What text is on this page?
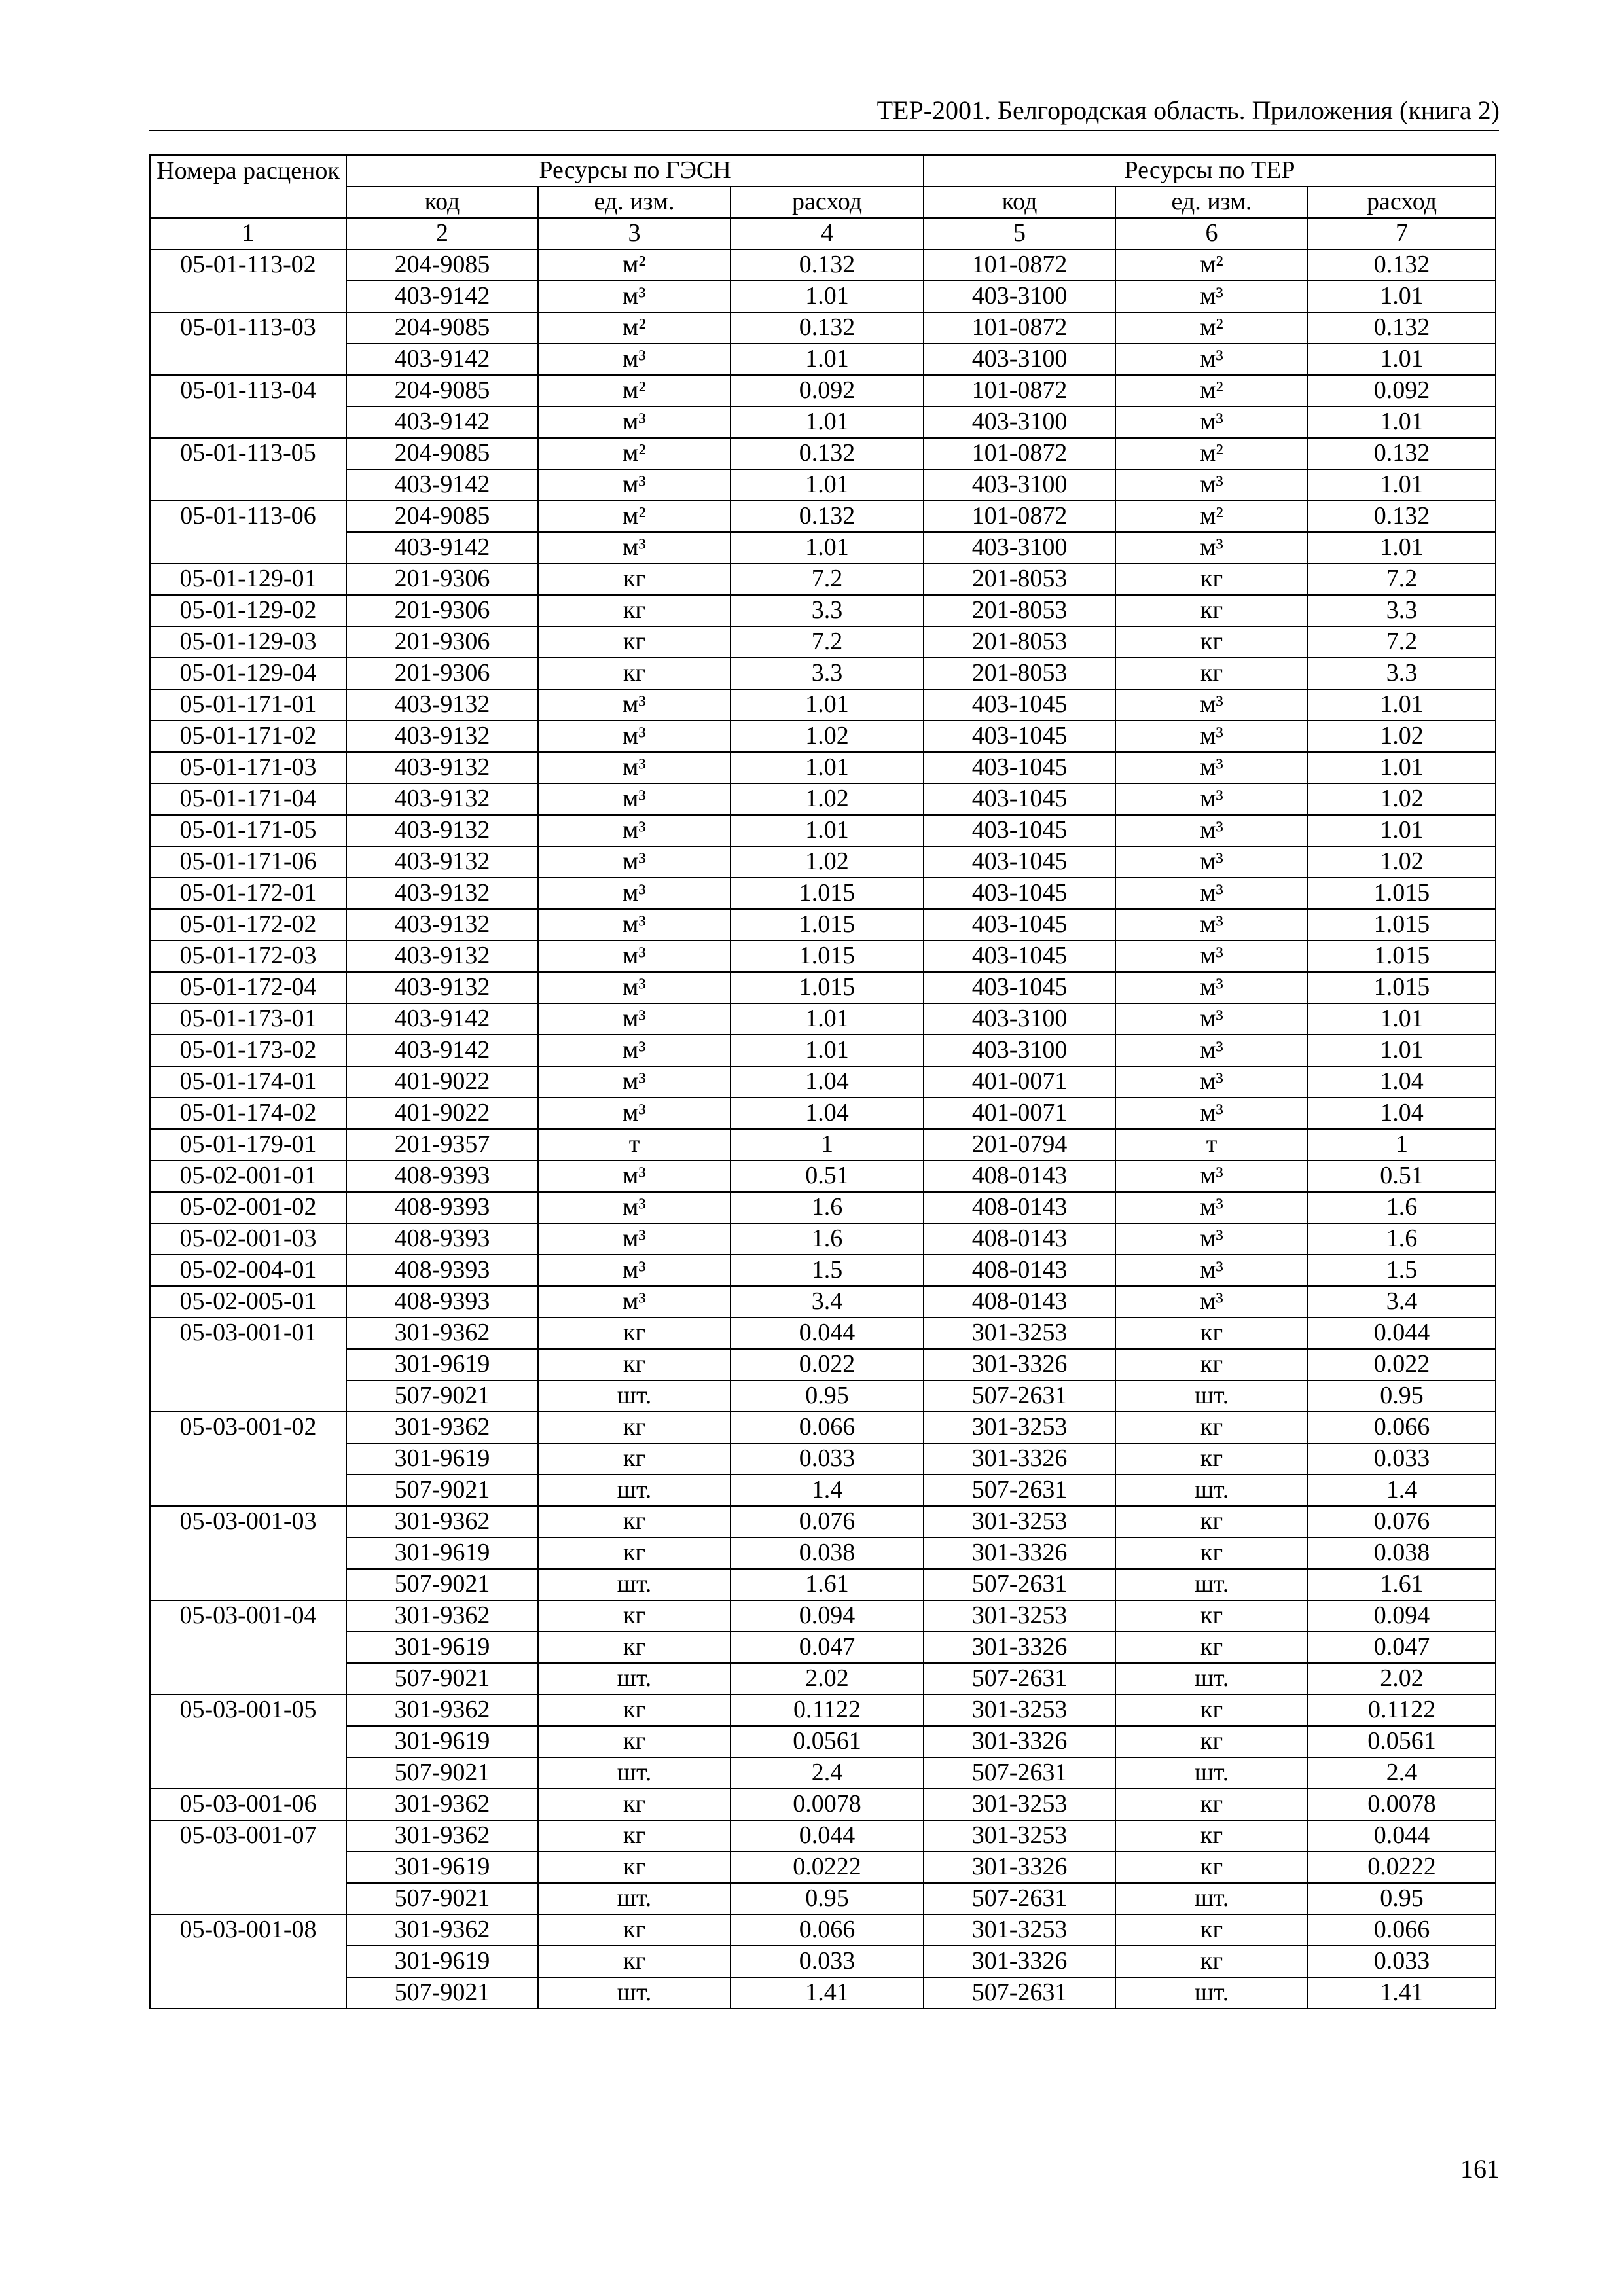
ТЕР-2001. Белгородская область. Приложения (книга 2)
Номера расценок	Ресурсы по ГЭСН			Ресурсы по ТЕР		
	код	ед. изм.	расход	код	ед. изм.	расход
1	2	3	4	5	6	7
05-01-113-02	204-9085	м²	0.132	101-0872	м²	0.132
	403-9142	м³	1.01	403-3100	м³	1.01
05-01-113-03	204-9085	м²	0.132	101-0872	м²	0.132
	403-9142	м³	1.01	403-3100	м³	1.01
05-01-113-04	204-9085	м²	0.092	101-0872	м²	0.092
	403-9142	м³	1.01	403-3100	м³	1.01
05-01-113-05	204-9085	м²	0.132	101-0872	м²	0.132
	403-9142	м³	1.01	403-3100	м³	1.01
05-01-113-06	204-9085	м²	0.132	101-0872	м²	0.132
	403-9142	м³	1.01	403-3100	м³	1.01
05-01-129-01	201-9306	кг	7.2	201-8053	кг	7.2
05-01-129-02	201-9306	кг	3.3	201-8053	кг	3.3
05-01-129-03	201-9306	кг	7.2	201-8053	кг	7.2
05-01-129-04	201-9306	кг	3.3	201-8053	кг	3.3
05-01-171-01	403-9132	м³	1.01	403-1045	м³	1.01
05-01-171-02	403-9132	м³	1.02	403-1045	м³	1.02
05-01-171-03	403-9132	м³	1.01	403-1045	м³	1.01
05-01-171-04	403-9132	м³	1.02	403-1045	м³	1.02
05-01-171-05	403-9132	м³	1.01	403-1045	м³	1.01
05-01-171-06	403-9132	м³	1.02	403-1045	м³	1.02
05-01-172-01	403-9132	м³	1.015	403-1045	м³	1.015
05-01-172-02	403-9132	м³	1.015	403-1045	м³	1.015
05-01-172-03	403-9132	м³	1.015	403-1045	м³	1.015
05-01-172-04	403-9132	м³	1.015	403-1045	м³	1.015
05-01-173-01	403-9142	м³	1.01	403-3100	м³	1.01
05-01-173-02	403-9142	м³	1.01	403-3100	м³	1.01
05-01-174-01	401-9022	м³	1.04	401-0071	м³	1.04
05-01-174-02	401-9022	м³	1.04	401-0071	м³	1.04
05-01-179-01	201-9357	т	1	201-0794	т	1
05-02-001-01	408-9393	м³	0.51	408-0143	м³	0.51
05-02-001-02	408-9393	м³	1.6	408-0143	м³	1.6
05-02-001-03	408-9393	м³	1.6	408-0143	м³	1.6
05-02-004-01	408-9393	м³	1.5	408-0143	м³	1.5
05-02-005-01	408-9393	м³	3.4	408-0143	м³	3.4
05-03-001-01	301-9362	кг	0.044	301-3253	кг	0.044
	301-9619	кг	0.022	301-3326	кг	0.022
	507-9021	шт.	0.95	507-2631	шт.	0.95
05-03-001-02	301-9362	кг	0.066	301-3253	кг	0.066
	301-9619	кг	0.033	301-3326	кг	0.033
	507-9021	шт.	1.4	507-2631	шт.	1.4
05-03-001-03	301-9362	кг	0.076	301-3253	кг	0.076
	301-9619	кг	0.038	301-3326	кг	0.038
	507-9021	шт.	1.61	507-2631	шт.	1.61
05-03-001-04	301-9362	кг	0.094	301-3253	кг	0.094
	301-9619	кг	0.047	301-3326	кг	0.047
	507-9021	шт.	2.02	507-2631	шт.	2.02
05-03-001-05	301-9362	кг	0.1122	301-3253	кг	0.1122
	301-9619	кг	0.0561	301-3326	кг	0.0561
	507-9021	шт.	2.4	507-2631	шт.	2.4
05-03-001-06	301-9362	кг	0.0078	301-3253	кг	0.0078
05-03-001-07	301-9362	кг	0.044	301-3253	кг	0.044
	301-9619	кг	0.0222	301-3326	кг	0.0222
	507-9021	шт.	0.95	507-2631	шт.	0.95
05-03-001-08	301-9362	кг	0.066	301-3253	кг	0.066
	301-9619	кг	0.033	301-3326	кг	0.033
	507-9021	шт.	1.41	507-2631	шт.	1.41
161
